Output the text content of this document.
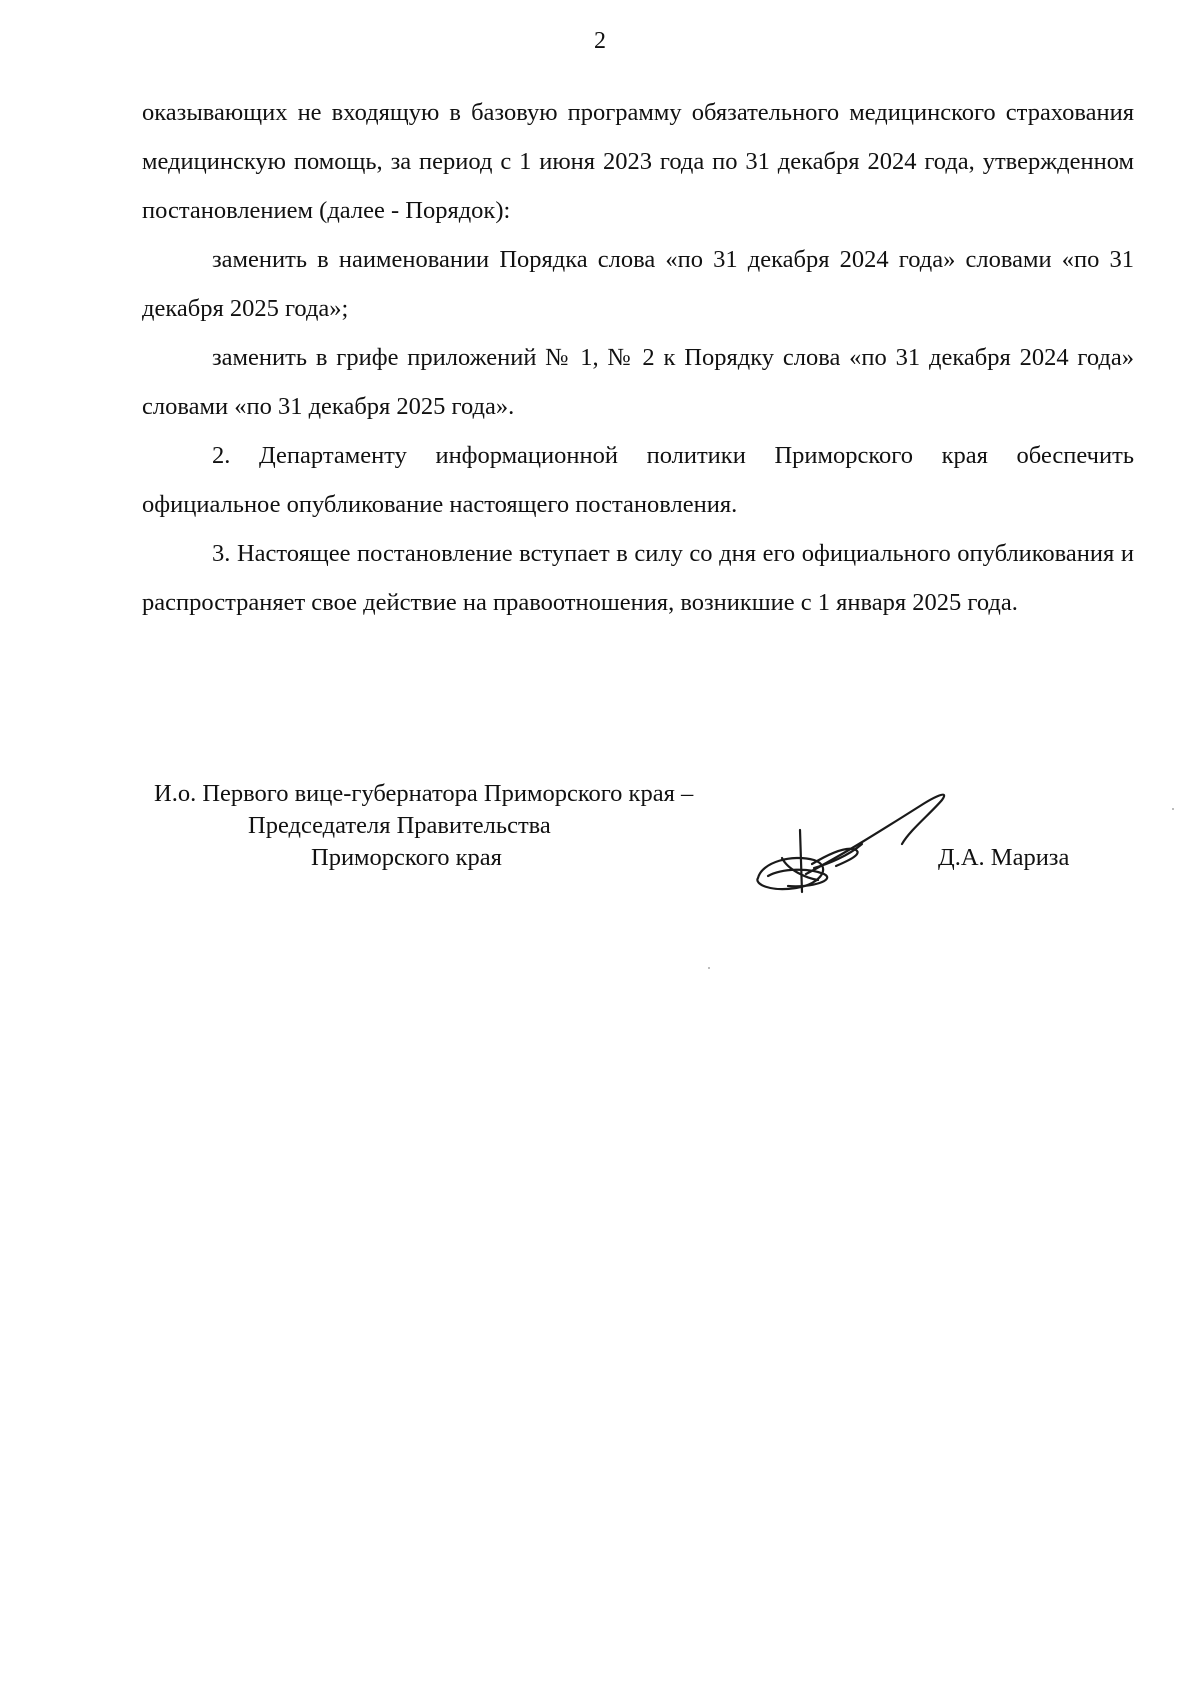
2

оказывающих не входящую в базовую программу обязательного медицинского страхования медицинскую помощь, за период с 1 июня 2023 года по 31 декабря 2024 года, утвержденном постановлением (далее - Порядок):

заменить в наименовании Порядка слова «по 31 декабря 2024 года» словами «по 31 декабря 2025 года»;

заменить в грифе приложений № 1, № 2 к Порядку слова «по 31 декабря 2024 года» словами «по 31 декабря 2025 года».

2. Департаменту информационной политики Приморского края обеспечить официальное опубликование настоящего постановления.

3. Настоящее постановление вступает в силу со дня его официального опубликования и распространяет свое действие на правоотношения, возникшие с 1 января 2025 года.

И.о. Первого вице-губернатора Приморского края –
Председателя Правительства
Приморского края	Д.А. Мариза
